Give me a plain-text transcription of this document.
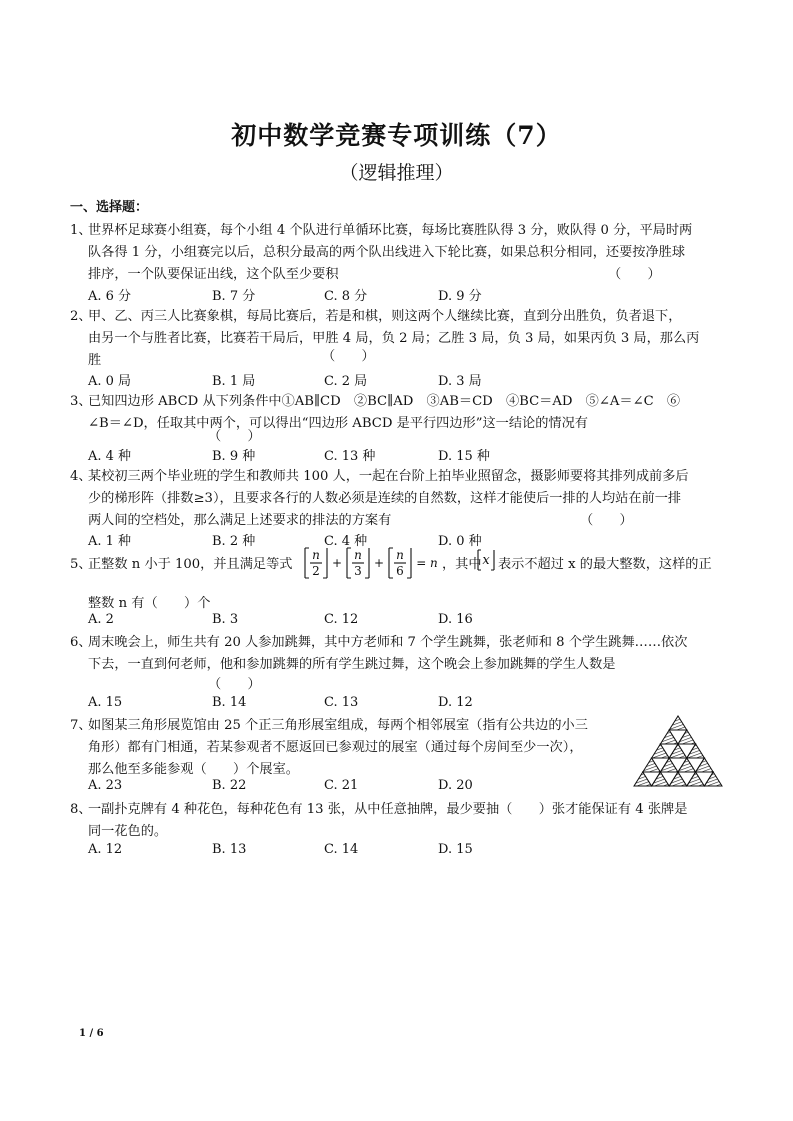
初中数学竞赛专项训练（7）
（逻辑推理）
一、选择题：
1、
世界杯足球赛小组赛，每个小组 4 个队进行单循环比赛，每场比赛胜队得 3 分，败队得 0 分，平局时两
队各得 1 分，小组赛完以后，总积分最高的两个队出线进入下轮比赛，如果总积分相同，还要按净胜球
排序，一个队要保证出线，这个队至少要积	（　　）
A. 6 分	B. 7 分	C. 8 分	D. 9 分
2、
甲、乙、丙三人比赛象棋，每局比赛后，若是和棋，则这两个人继续比赛，直到分出胜负，负者退下，
由另一个与胜者比赛，比赛若干局后，甲胜 4 局，负 2 局；乙胜 3 局，负 3 局，如果丙负 3 局，那么丙
胜	（　　）
A. 0 局	B. 1 局	C. 2 局	D. 3 局
3、
已知四边形 ABCD 从下列条件中①AB∥CD　②BC∥AD　③AB＝CD　④BC＝AD　⑤∠A＝∠C　⑥
∠B＝∠D，任取其中两个，可以得出“四边形 ABCD 是平行四边形”这一结论的情况有
（　　）
A. 4 种	B. 9 种	C. 13 种	D. 15 种
4、
某校初三两个毕业班的学生和教师共 100 人，一起在台阶上拍毕业照留念，摄影师要将其排列成前多后
少的梯形阵（排数≥3），且要求各行的人数必须是连续的自然数，这样才能使后一排的人均站在前一排
两人间的空档处，那么满足上述要求的排法的方案有	（　　）
A. 1 种	B. 2 种	C. 4 种	D. 0 种
5、
正整数 n 小于 100，并且满足等式
n
2
+
n
3
+
n
6
= n ，其中 x 表示不超过 x 的最大整数，这样的正
整数 n 有（　　）个
A. 2	B. 3	C. 12	D. 16
6、
周末晚会上，师生共有 20 人参加跳舞，其中方老师和 7 个学生跳舞，张老师和 8 个学生跳舞……依次
下去，一直到何老师，他和参加跳舞的所有学生跳过舞，这个晚会上参加跳舞的学生人数是
（　　）
A. 15	B. 14	C. 13	D. 12
7、
如图某三角形展览馆由 25 个正三角形展室组成，每两个相邻展室（指有公共边的小三
角形）都有门相通，若某参观者不愿返回已参观过的展室（通过每个房间至少一次），
那么他至多能参观（　　）个展室。
A. 23	B. 22	C. 21	D. 20
8、
一副扑克牌有 4 种花色，每种花色有 13 张，从中任意抽牌，最少要抽（　　）张才能保证有 4 张牌是
同一花色的。
A. 12	B. 13	C. 14	D. 15
1 / 6
